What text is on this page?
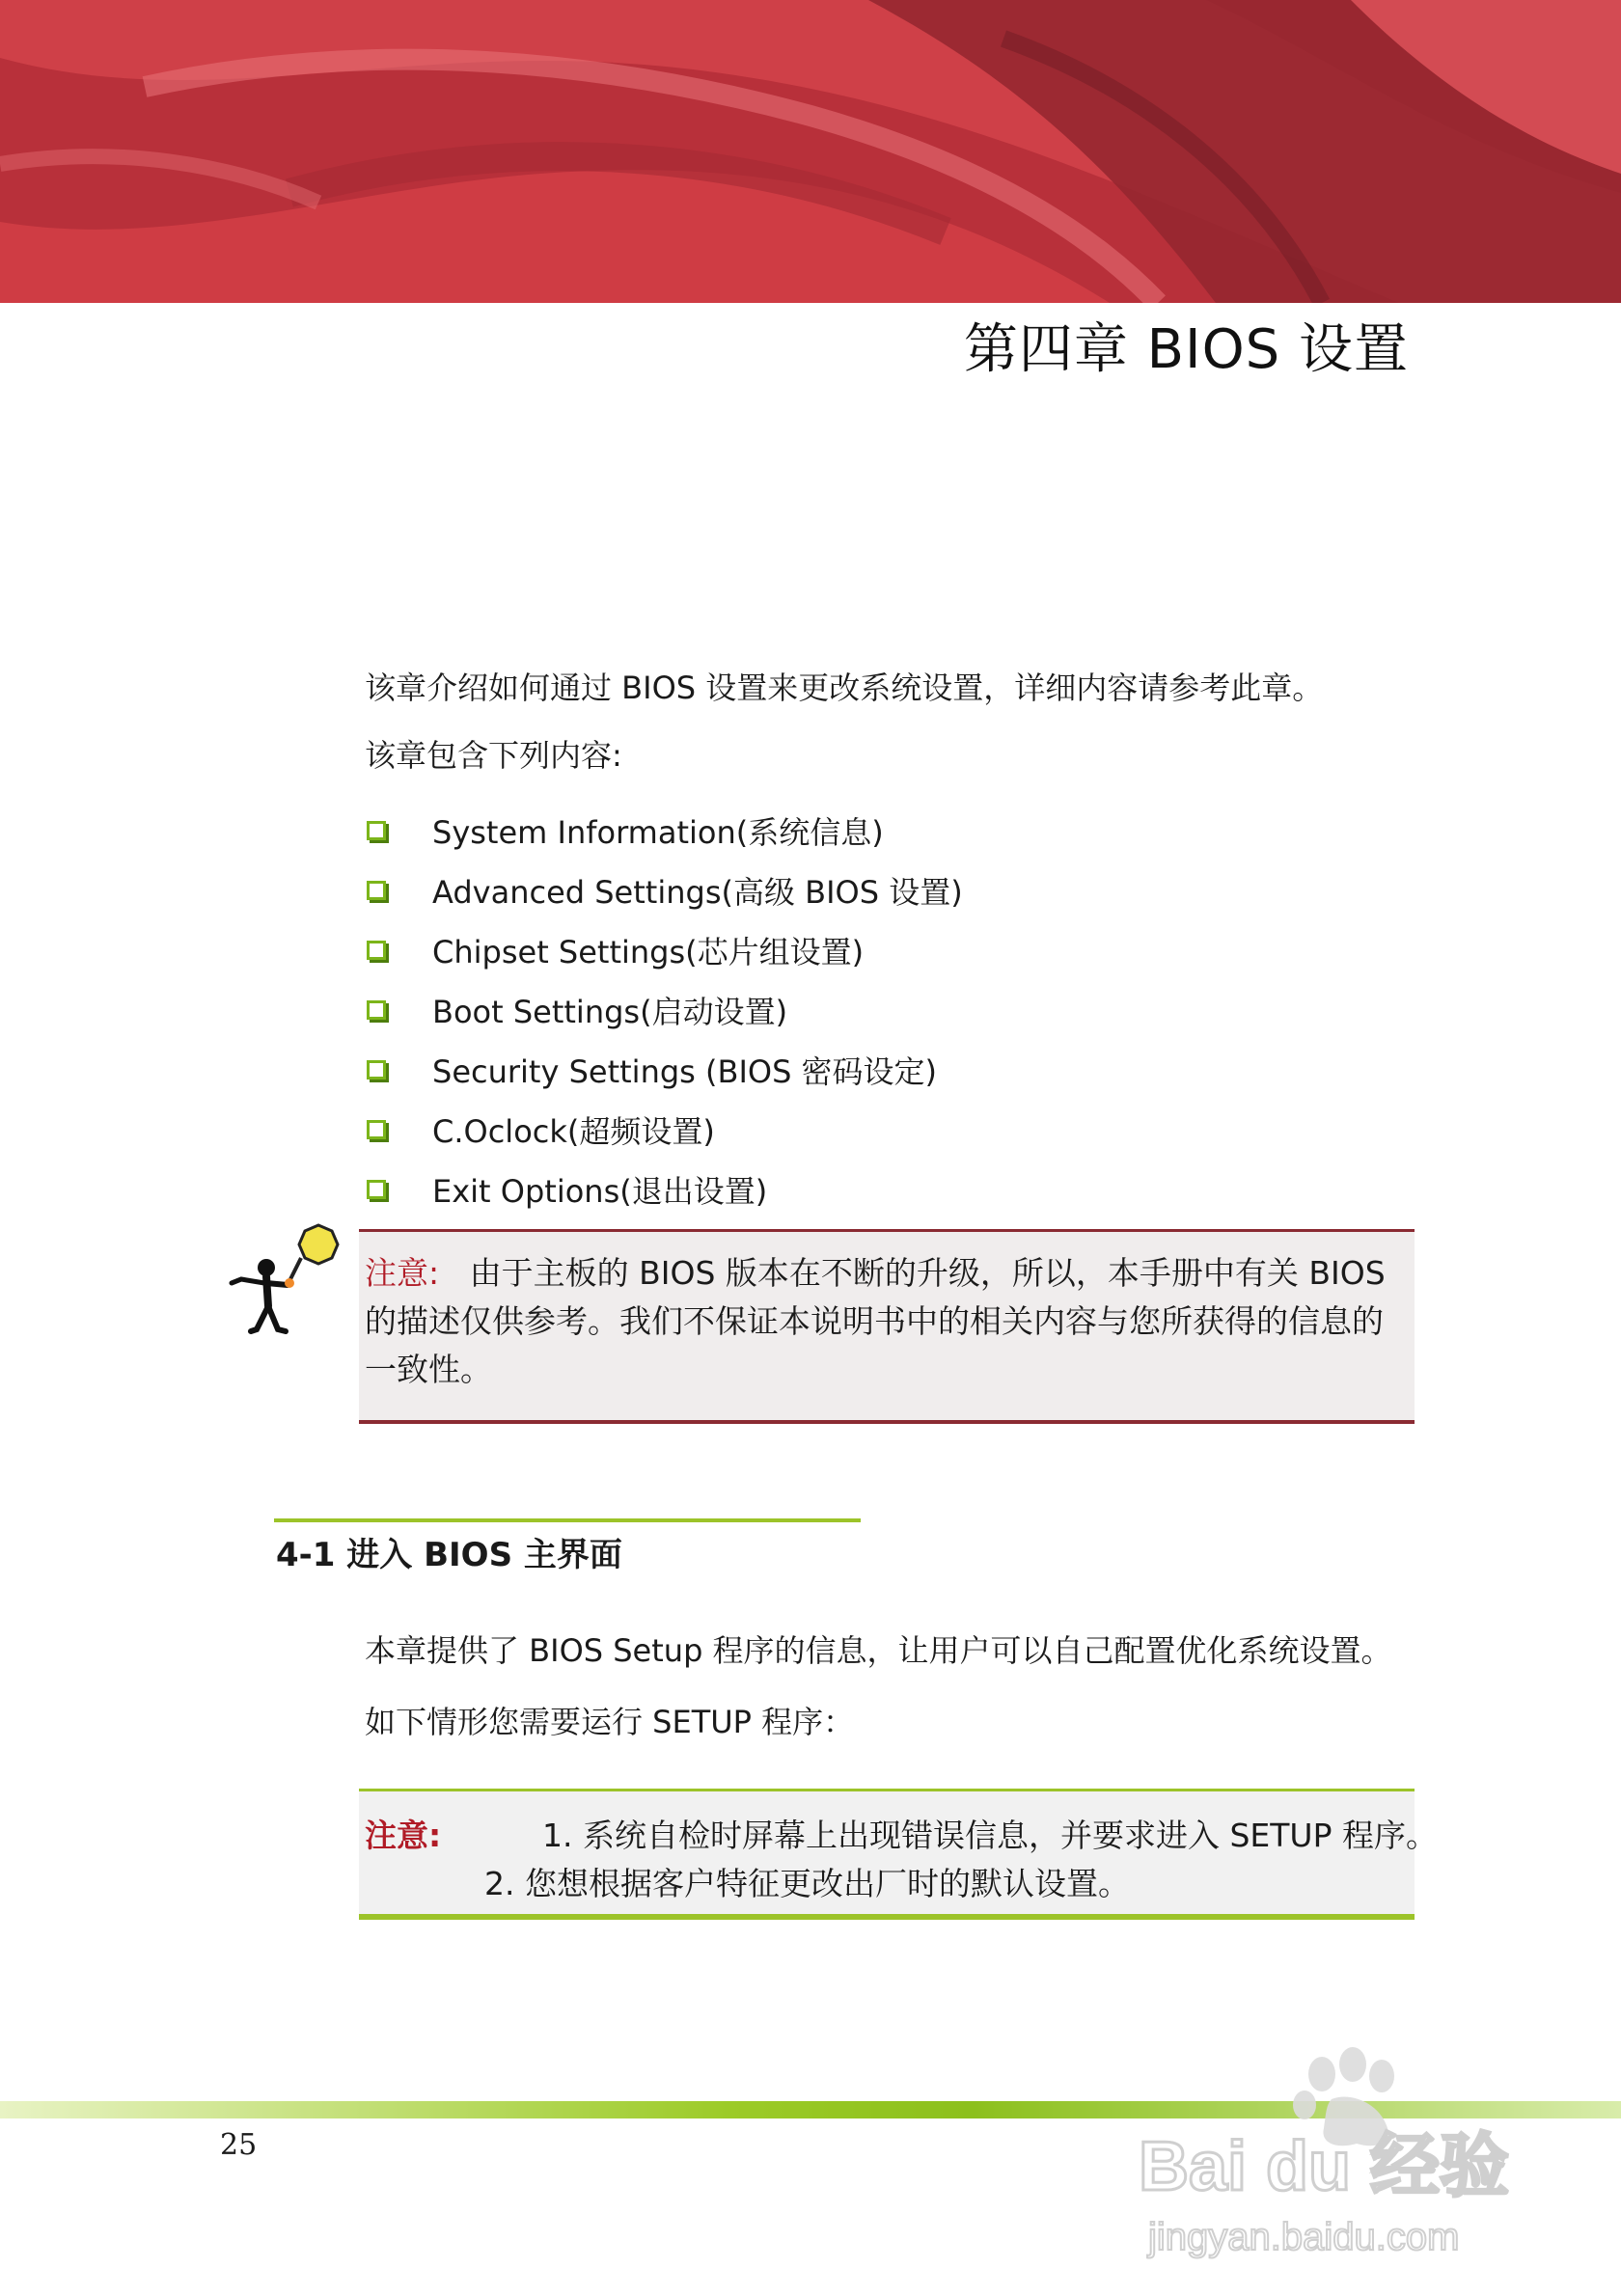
第四章 BIOS 设置
该章介绍如何通过 BIOS 设置来更改系统设置，详细内容请参考此章。
该章包含下列内容:
System Information(系统信息)
Advanced Settings(高级 BIOS 设置)
Chipset Settings(芯片组设置)
Boot Settings(启动设置)
Security Settings (BIOS 密码设定)
C.Oclock(超频设置)
Exit Options(退出设置)
注意: 由于主板的 BIOS 版本在不断的升级，所以，本手册中有关 BIOS 的描述仅供参考。我们不保证本说明书中的相关内容与您所获得的信息的一致性。
4-1 进入 BIOS 主界面
本章提供了 BIOS Setup 程序的信息，让用户可以自己配置优化系统设置。
如下情形您需要运行 SETUP 程序：
注意:	1. 系统自检时屏幕上出现错误信息，并要求进入 SETUP 程序。
2. 您想根据客户特征更改出厂时的默认设置。
25	Bai du 经验
jingyan.baidu.com
